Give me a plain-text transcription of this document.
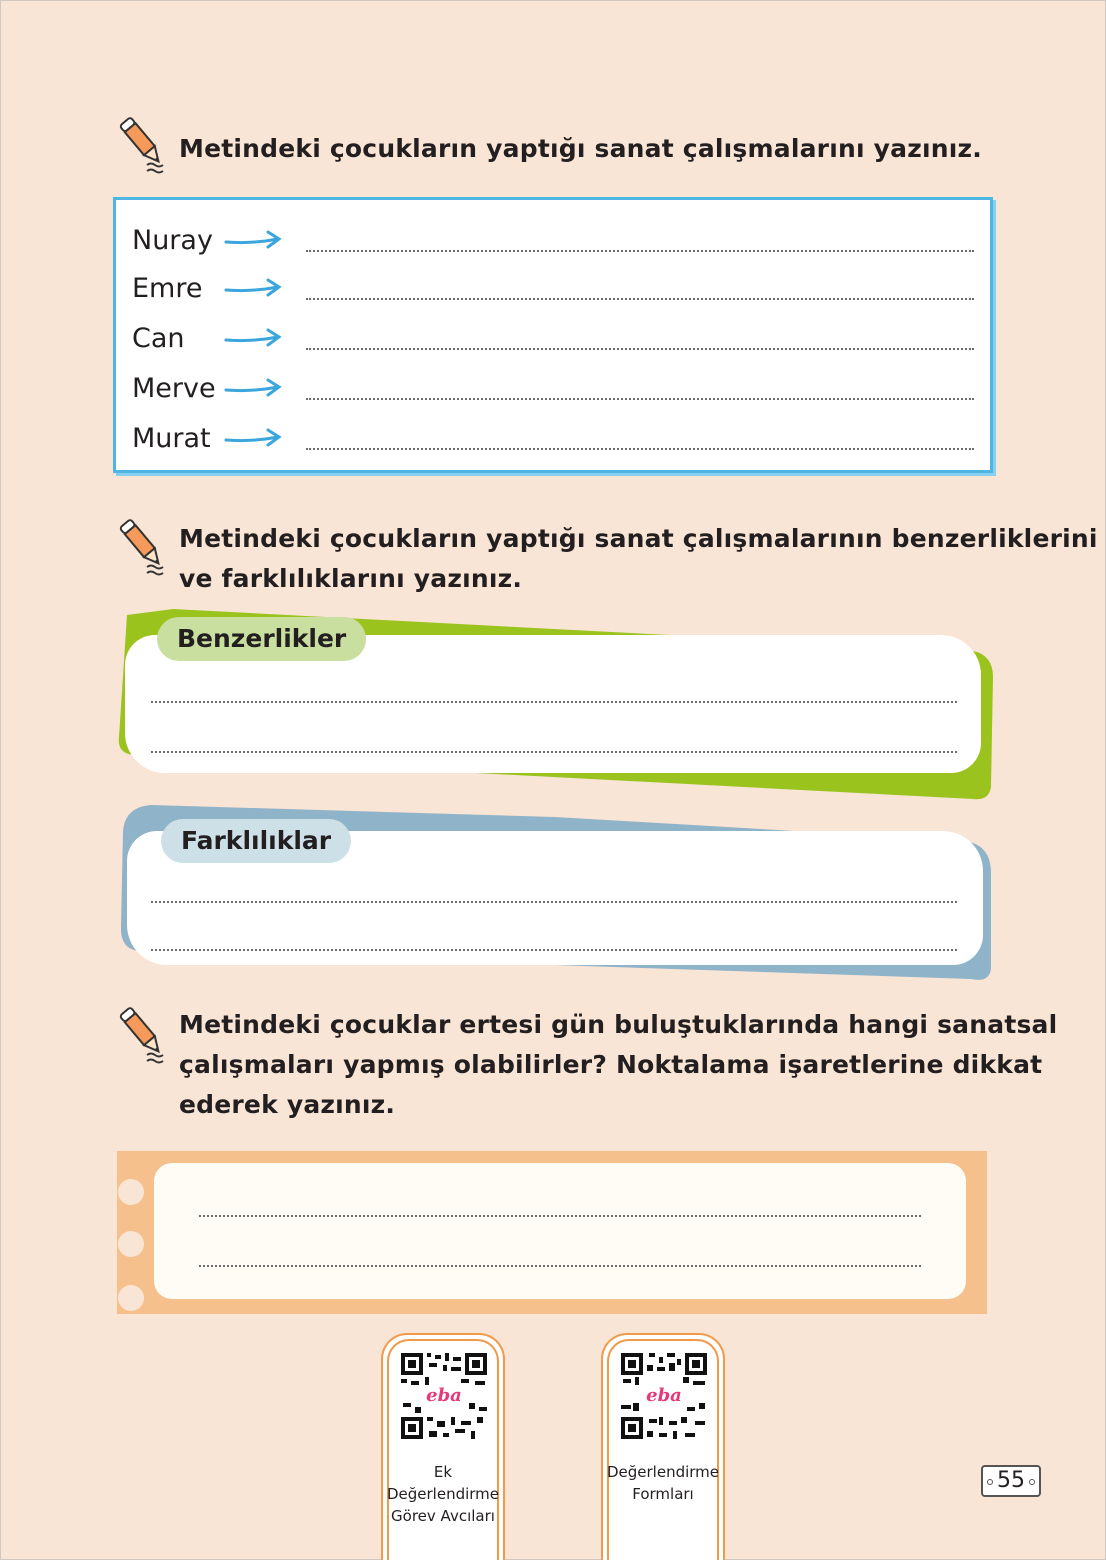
Metindeki çocukların yaptığı sanat çalışmalarını yazınız.
Nuray
Emre
Can
Merve
Murat
Metindeki çocukların yaptığı sanat çalışmalarının benzerliklerini
ve farklılıklarını yazınız.
Benzerlikler
Farklılıklar
Metindeki çocuklar ertesi gün buluştuklarında hangi sanatsal
çalışmaları yapmış olabilirler? Noktalama işaretlerine dikkat
ederek yazınız.
eba
Ek
Değerlendirme
Görev Avcıları
eba
Değerlendirme
Formları
55
